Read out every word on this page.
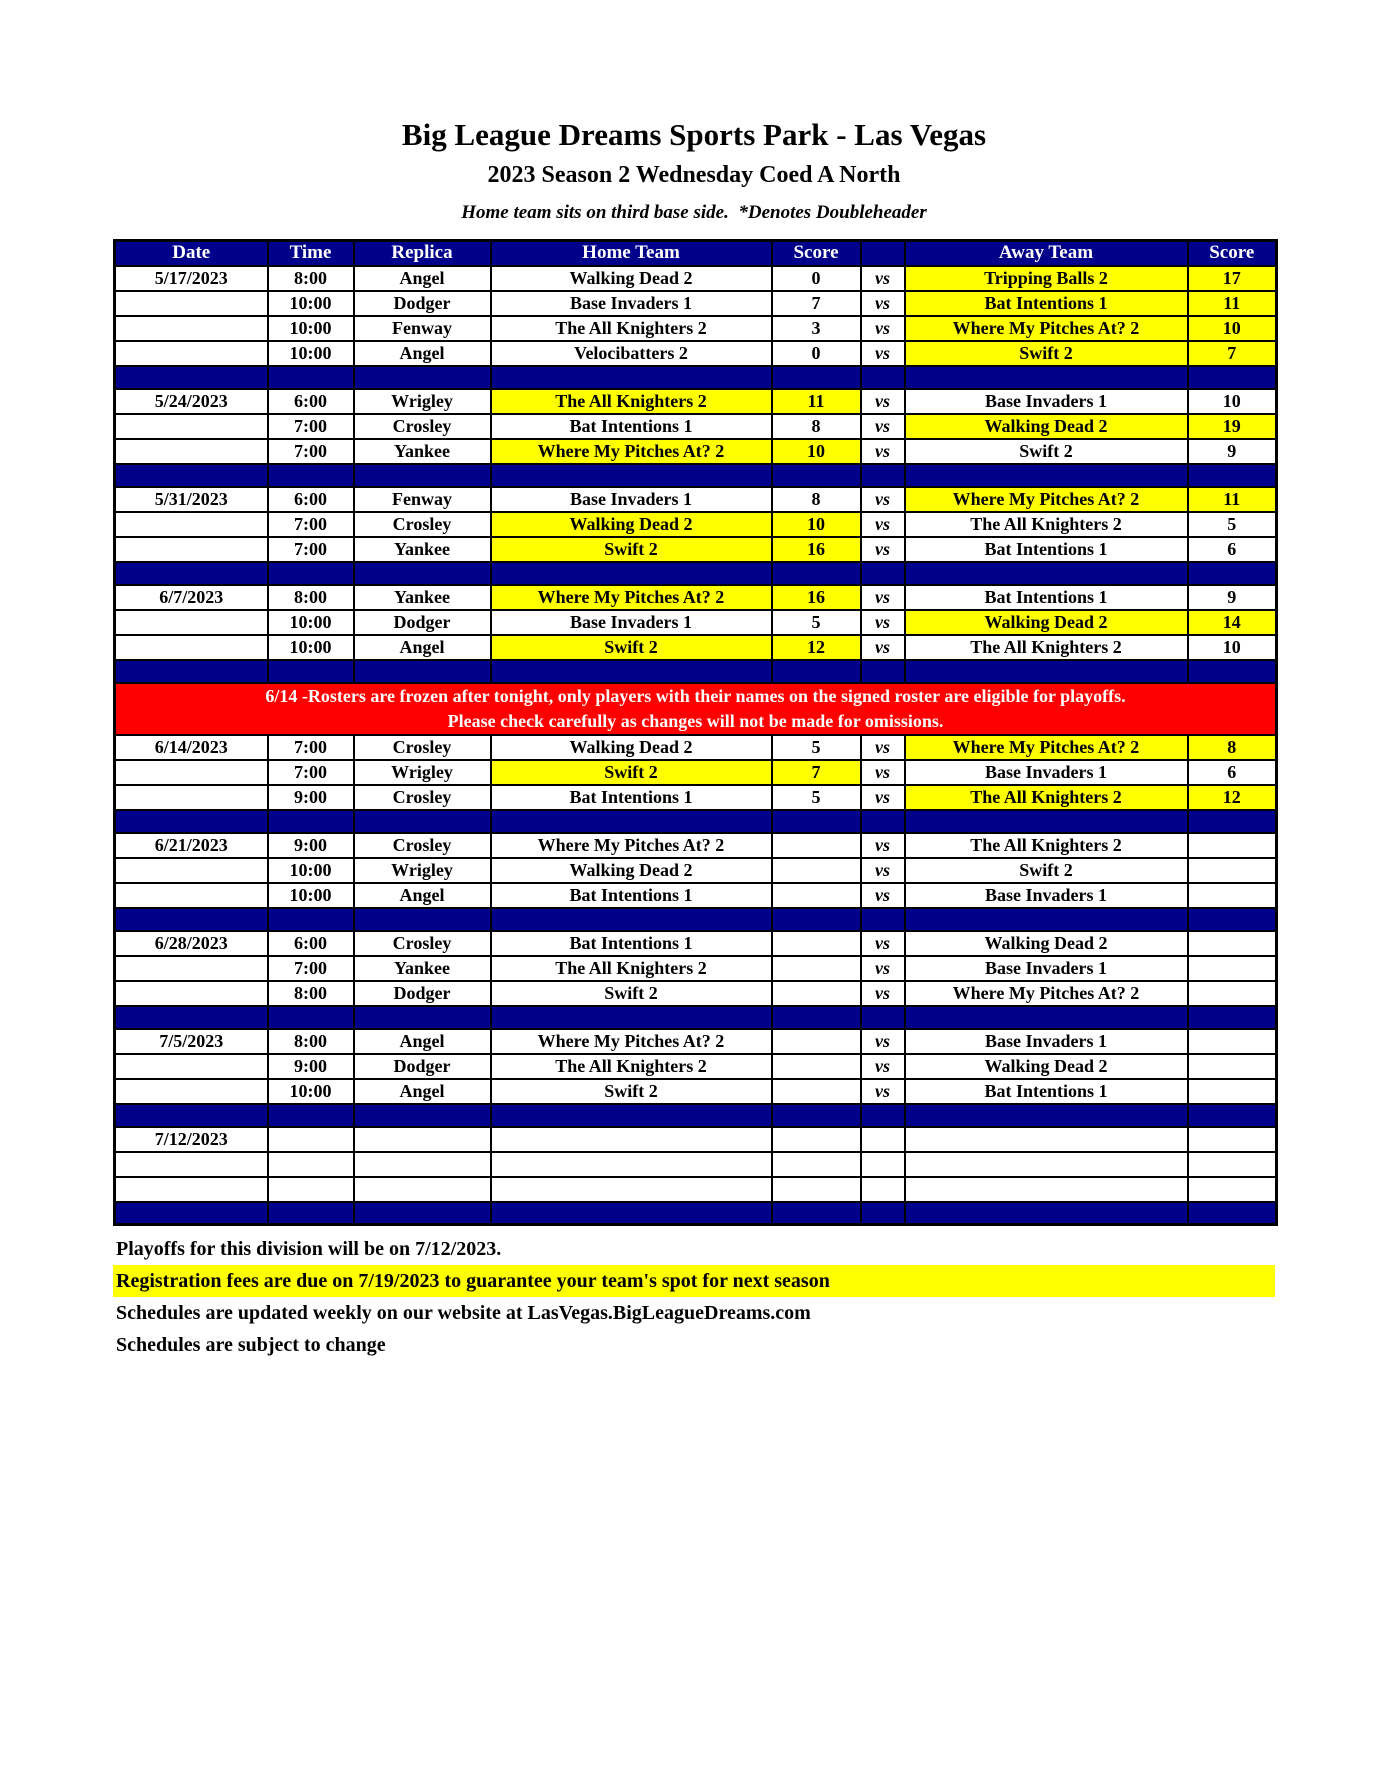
Big League Dreams Sports Park - Las Vegas
2023 Season 2 Wednesday Coed A North
Home team sits on third base side.  *Denotes Doubleheader
Date	Time	Replica	Home Team	Score		Away Team	Score
5/17/2023	8:00	Angel	Walking Dead 2	0	vs	Tripping Balls 2	17
	10:00	Dodger	Base Invaders 1	7	vs	Bat Intentions 1	11
	10:00	Fenway	The All Knighters 2	3	vs	Where My Pitches At? 2	10
	10:00	Angel	Velocibatters 2	0	vs	Swift 2	7

5/24/2023	6:00	Wrigley	The All Knighters 2	11	vs	Base Invaders 1	10
	7:00	Crosley	Bat Intentions 1	8	vs	Walking Dead 2	19
	7:00	Yankee	Where My Pitches At? 2	10	vs	Swift 2	9

5/31/2023	6:00	Fenway	Base Invaders 1	8	vs	Where My Pitches At? 2	11
	7:00	Crosley	Walking Dead 2	10	vs	The All Knighters 2	5
	7:00	Yankee	Swift 2	16	vs	Bat Intentions 1	6

6/7/2023	8:00	Yankee	Where My Pitches At? 2	16	vs	Bat Intentions 1	9
	10:00	Dodger	Base Invaders 1	5	vs	Walking Dead 2	14
	10:00	Angel	Swift 2	12	vs	The All Knighters 2	10

6/14 -Rosters are frozen after tonight, only players with their names on the signed roster are eligible for playoffs.
Please check carefully as changes will not be made for omissions.							

6/14/2023	7:00	Crosley	Walking Dead 2	5	vs	Where My Pitches At? 2	8
	7:00	Wrigley	Swift 2	7	vs	Base Invaders 1	6
	9:00	Crosley	Bat Intentions 1	5	vs	The All Knighters 2	12

6/21/2023	9:00	Crosley	Where My Pitches At? 2		vs	The All Knighters 2	
	10:00	Wrigley	Walking Dead 2		vs	Swift 2	
	10:00	Angel	Bat Intentions 1		vs	Base Invaders 1	

6/28/2023	6:00	Crosley	Bat Intentions 1		vs	Walking Dead 2	
	7:00	Yankee	The All Knighters 2		vs	Base Invaders 1	
	8:00	Dodger	Swift 2		vs	Where My Pitches At? 2	

7/5/2023	8:00	Angel	Where My Pitches At? 2		vs	Base Invaders 1	
	9:00	Dodger	The All Knighters 2		vs	Walking Dead 2	
	10:00	Angel	Swift 2		vs	Bat Intentions 1	

7/12/2023							

Playoffs for this division will be on 7/12/2023.

Registration fees are due on 7/19/2023 to guarantee your team's spot for next season

Schedules are updated weekly on our website at LasVegas.BigLeagueDreams.com

Schedules are subject to change
